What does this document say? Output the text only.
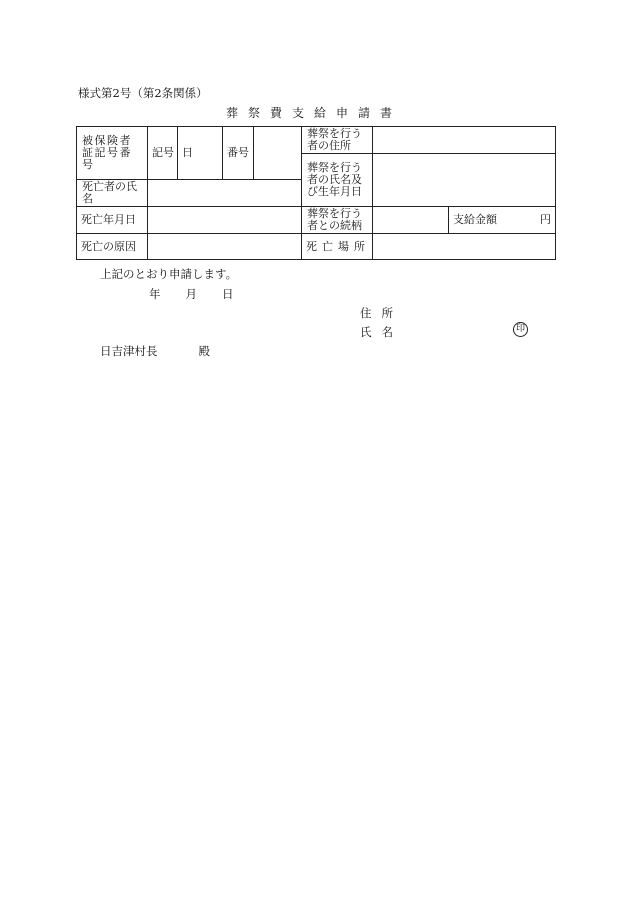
様式第2号（第2条関係）
葬祭費支給申請書
被保険者証記号番号	記号	日	番号		葬祭を行う者の住所		
					葬祭を行う者の氏名及び生年月日		
死亡者の氏名							
死亡年月日					葬祭を行う者との続柄		支給金額 円

死亡の原因					死亡場所		
上記のとおり申請します。
年 月 日
住所
氏名	印
日吉津村長	殿
